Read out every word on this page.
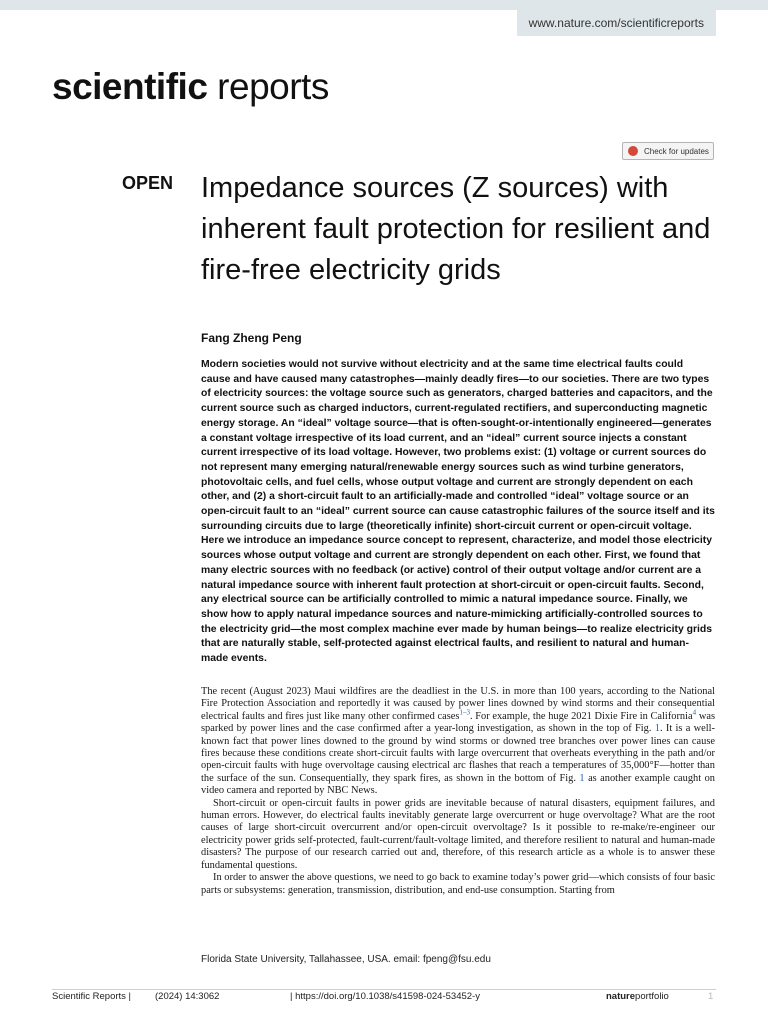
www.nature.com/scientificreports
scientific reports
Check for updates
OPEN Impedance sources (Z sources) with inherent fault protection for resilient and fire-free electricity grids
Fang Zheng Peng

Modern societies would not survive without electricity and at the same time electrical faults could cause and have caused many catastrophes—mainly deadly fires—to our societies. There are two types of electricity sources: the voltage source such as generators, charged batteries and capacitors, and the current source such as charged inductors, current-regulated rectifiers, and superconducting magnetic energy storage. An “ideal” voltage source—that is often-sought-or-intentionally engineered—generates a constant voltage irrespective of its load current, and an “ideal” current source injects a constant current irrespective of its load voltage. However, two problems exist: (1) voltage or current sources do not represent many emerging natural/renewable energy sources such as wind turbine generators, photovoltaic cells, and fuel cells, whose output voltage and current are strongly dependent on each other, and (2) a short-circuit fault to an artificially-made and controlled “ideal” voltage source or an open-circuit fault to an “ideal” current source can cause catastrophic failures of the source itself and its surrounding circuits due to large (theoretically infinite) short-circuit current or open-circuit voltage. Here we introduce an impedance source concept to represent, characterize, and model those electricity sources whose output voltage and current are strongly dependent on each other. First, we found that many electric sources with no feedback (or active) control of their output voltage and/or current are a natural impedance source with inherent fault protection at short-circuit or open-circuit faults. Second, any electrical source can be artificially controlled to mimic a natural impedance source. Finally, we show how to apply natural impedance sources and nature-mimicking artificially-controlled sources to the electricity grid—the most complex machine ever made by human beings—to realize electricity grids that are naturally stable, self-protected against electrical faults, and resilient to natural and human-made events.

The recent (August 2023) Maui wildfires are the deadliest in the U.S. in more than 100 years, according to the National Fire Protection Association and reportedly it was caused by power lines downed by wind storms and their consequential electrical faults and fires just like many other confirmed cases$^{1-3}$. For example, the huge 2021 Dixie Fire in California$^4$ was sparked by power lines and the case confirmed after a year-long investigation, as shown in the top of Fig. 1. It is a well-known fact that power lines downed to the ground by wind storms or downed tree branches over power lines can cause fires because these conditions create short-circuit faults with large overcurrent that overheats everything in the path and/or open-circuit faults with huge overvoltage causing electrical arc flashes that reach a temperatures of 35,000°F—hotter than the surface of the sun. Consequentially, they spark fires, as shown in the bottom of Fig. 1 as another example caught on video camera and reported by NBC News.

Short-circuit or open-circuit faults in power grids are inevitable because of natural disasters, equipment failures, and human errors. However, do electrical faults inevitably generate large overcurrent or huge overvoltage? What are the root causes of large short-circuit overcurrent and/or open-circuit overvoltage? Is it possible to re-make/re-engineer our electricity power grids self-protected, fault-current/fault-voltage limited, and therefore resilient to natural and human-made disasters? The purpose of our research carried out and, therefore, of this research article as a whole is to answer these fundamental questions.

In order to answer the above questions, we need to go back to examine today’s power grid—which consists of four basic parts or subsystems: generation, transmission, distribution, and end-use consumption. Starting from

Florida State University, Tallahassee, USA. email: fpeng@fsu.edu
Scientific Reports |	(2024) 14:3062	| https://doi.org/10.1038/s41598-024-53452-y	natureportfolio	1
